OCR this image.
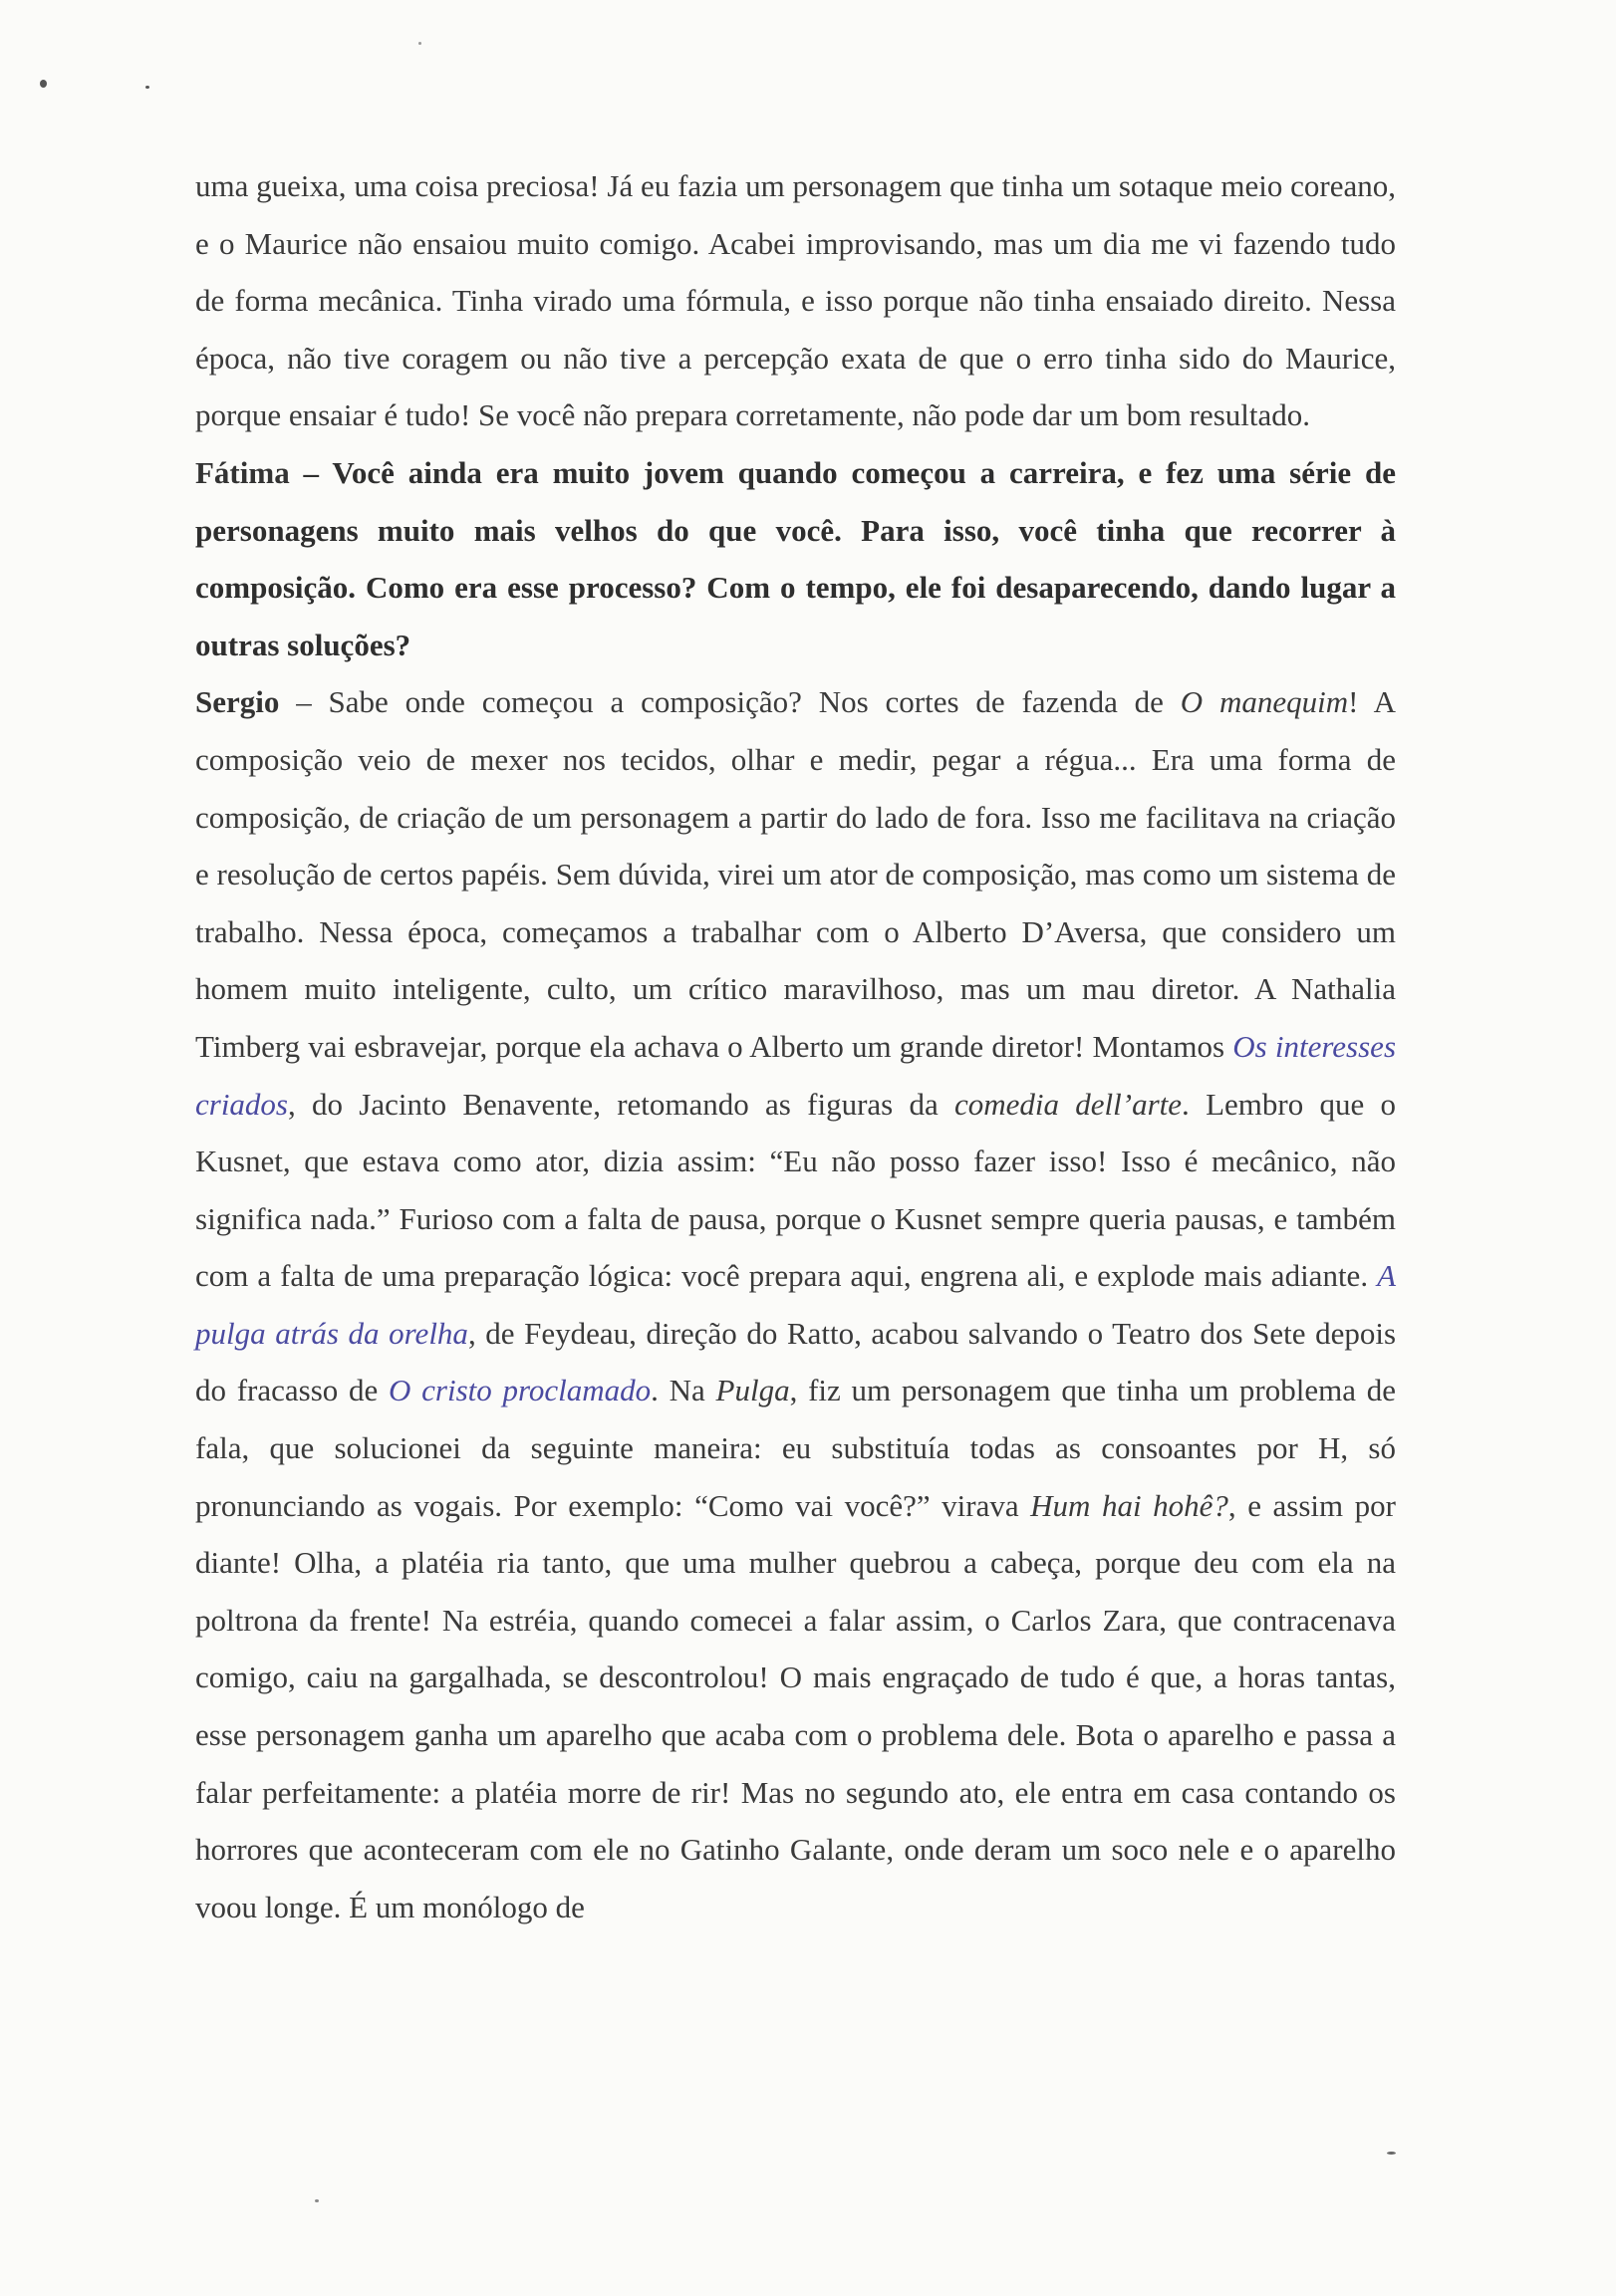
uma gueixa, uma coisa preciosa! Já eu fazia um personagem que tinha um sotaque meio coreano, e o Maurice não ensaiou muito comigo. Acabei improvisando, mas um dia me vi fazendo tudo de forma mecânica. Tinha virado uma fórmula, e isso porque não tinha ensaiado direito. Nessa época, não tive coragem ou não tive a percepção exata de que o erro tinha sido do Maurice, porque ensaiar é tudo! Se você não prepara corretamente, não pode dar um bom resultado.

Fátima – Você ainda era muito jovem quando começou a carreira, e fez uma série de personagens muito mais velhos do que você. Para isso, você tinha que recorrer à composição. Como era esse processo? Com o tempo, ele foi desaparecendo, dando lugar a outras soluções?

Sergio – Sabe onde começou a composição? Nos cortes de fazenda de O manequim! A composição veio de mexer nos tecidos, olhar e medir, pegar a régua... Era uma forma de composição, de criação de um personagem a partir do lado de fora. Isso me facilitava na criação e resolução de certos papéis. Sem dúvida, virei um ator de composição, mas como um sistema de trabalho. Nessa época, começamos a trabalhar com o Alberto D’Aversa, que considero um homem muito inteligente, culto, um crítico maravilhoso, mas um mau diretor. A Nathalia Timberg vai esbravejar, porque ela achava o Alberto um grande diretor! Montamos Os interesses criados, do Jacinto Benavente, retomando as figuras da comedia dell’arte. Lembro que o Kusnet, que estava como ator, dizia assim: “Eu não posso fazer isso! Isso é mecânico, não significa nada.” Furioso com a falta de pausa, porque o Kusnet sempre queria pausas, e também com a falta de uma preparação lógica: você prepara aqui, engrena ali, e explode mais adiante. A pulga atrás da orelha, de Feydeau, direção do Ratto, acabou salvando o Teatro dos Sete depois do fracasso de O cristo proclamado. Na Pulga, fiz um personagem que tinha um problema de fala, que solucionei da seguinte maneira: eu substituía todas as consoantes por H, só pronunciando as vogais. Por exemplo: “Como vai você?” virava Hum hai hohê?, e assim por diante! Olha, a platéia ria tanto, que uma mulher quebrou a cabeça, porque deu com ela na poltrona da frente! Na estréia, quando comecei a falar assim, o Carlos Zara, que contracenava comigo, caiu na gargalhada, se descontrolou! O mais engraçado de tudo é que, a horas tantas, esse personagem ganha um aparelho que acaba com o problema dele. Bota o aparelho e passa a falar perfeitamente: a platéia morre de rir! Mas no segundo ato, ele entra em casa contando os horrores que aconteceram com ele no Gatinho Galante, onde deram um soco nele e o aparelho voou longe. É um monólogo de
